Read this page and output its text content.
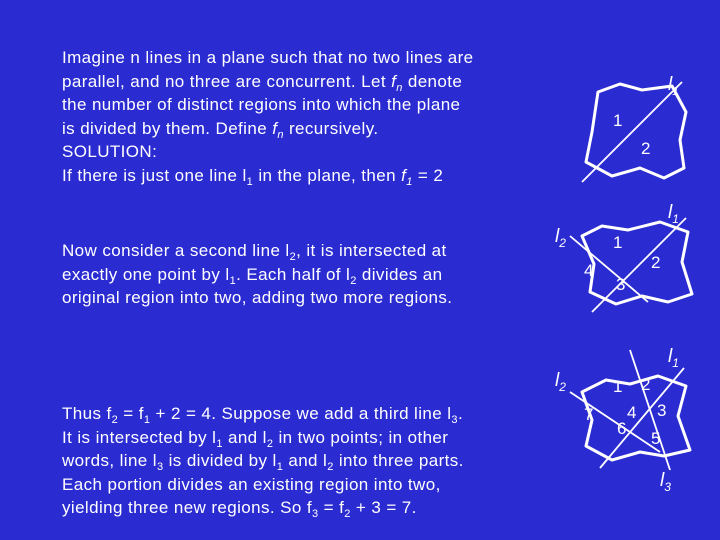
Imagine n lines in a plane such that no two lines are
parallel, and no three are concurrent. Let $f_n$ denote
the number of distinct regions into which the plane
is divided by them. Define $f_n$ recursively.
SOLUTION:
If there is just one line $l_1$ in the plane, then $f_1 = 2$
Now consider a second line $l_2$, it is intersected at
exactly one point by $l_1$. Each half of $l_2$ divides an
original region into two, adding two more regions.
Thus $f_2 = f_1 + 2 = 4$. Suppose we add a third line $l_3$.
It is intersected by $l_1$ and $l_2$ in two points; in other
words, line $l_3$ is divided by $l_1$ and $l_2$ into three parts.
Each portion divides an existing region into two,
yielding three new regions. So $f_3 = f_2 + 3 = 7$.
$l_1$
1
2
$l_1$
$l_2$	1
2
3
4
$l_1$
$l_2$
$l_3$
1 2
3
4
5
6
7
